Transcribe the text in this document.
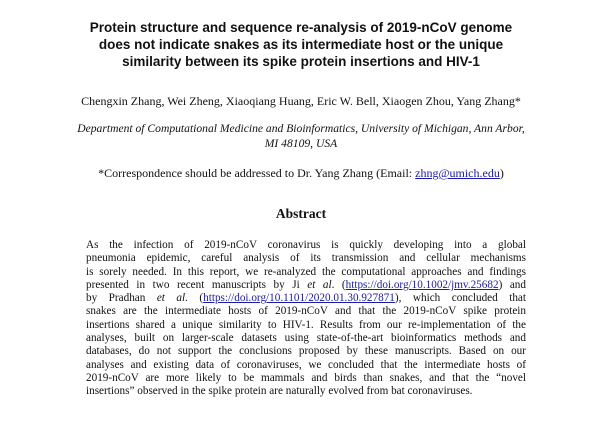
Protein structure and sequence re-analysis of 2019-nCoV genome
does not indicate snakes as its intermediate host or the unique
similarity between its spike protein insertions and HIV-1
Chengxin Zhang, Wei Zheng, Xiaoqiang Huang, Eric W. Bell, Xiaogen Zhou, Yang Zhang*
Department of Computational Medicine and Bioinformatics, University of Michigan, Ann Arbor,
MI 48109, USA
*Correspondence should be addressed to Dr. Yang Zhang (Email: zhng@umich.edu)
Abstract
As the infection of 2019-nCoV coronavirus is quickly developing into a global
pneumonia epidemic, careful analysis of its transmission and cellular mechanisms
is sorely needed. In this report, we re-analyzed the computational approaches and findings
presented in two recent manuscripts by Ji et al. (https://doi.org/10.1002/jmv.25682) and
by Pradhan et al. (https://doi.org/10.1101/2020.01.30.927871), which concluded that
snakes are the intermediate hosts of 2019-nCoV and that the 2019-nCoV spike protein
insertions shared a unique similarity to HIV-1. Results from our re-implementation of the
analyses, built on larger-scale datasets using state-of-the-art bioinformatics methods and
databases, do not support the conclusions proposed by these manuscripts. Based on our
analyses and existing data of coronaviruses, we concluded that the intermediate hosts of
2019-nCoV are more likely to be mammals and birds than snakes, and that the “novel
insertions” observed in the spike protein are naturally evolved from bat coronaviruses.
